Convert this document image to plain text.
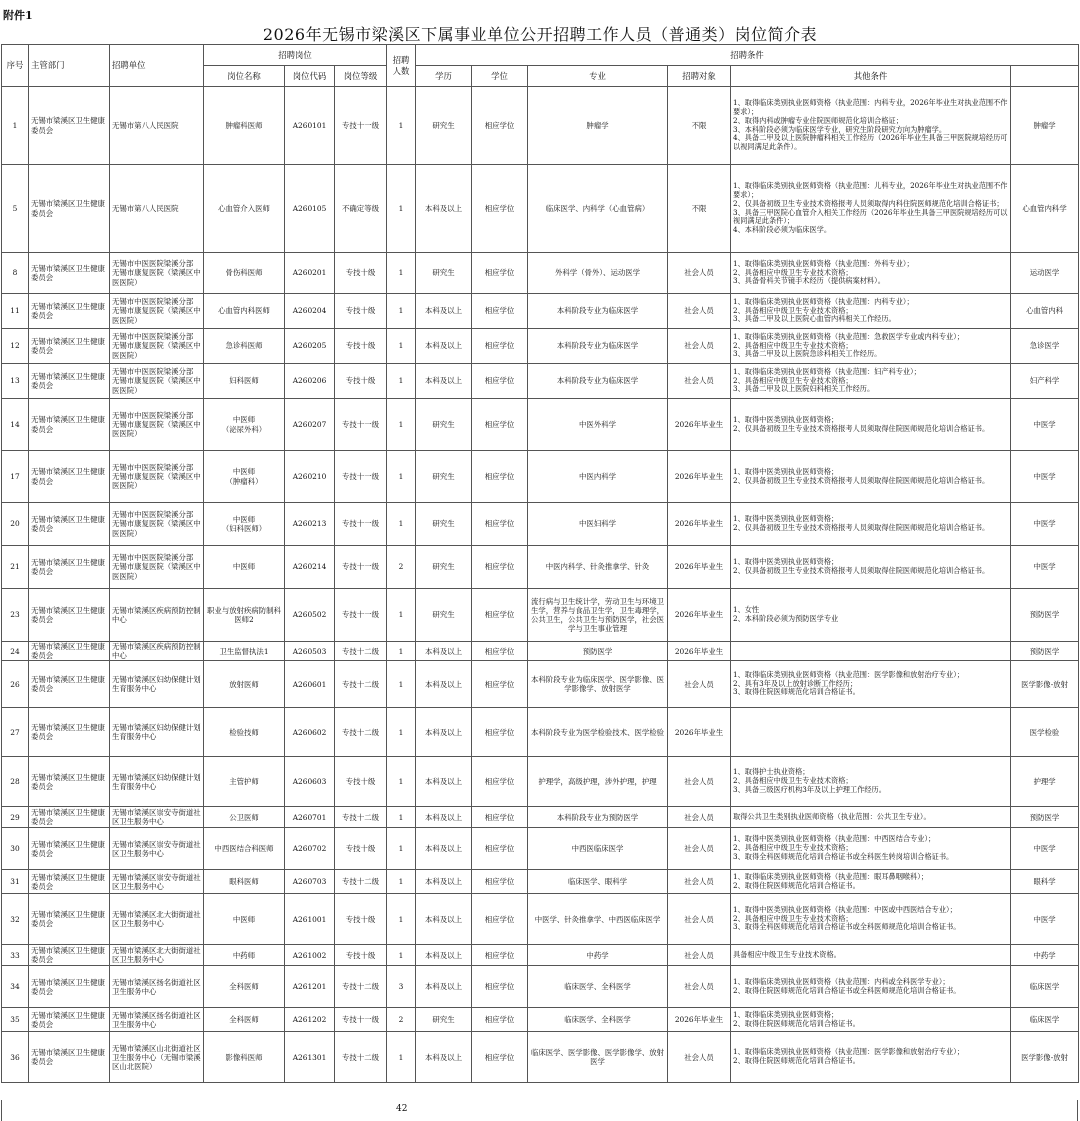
附件1
2026年无锡市梁溪区下属事业单位公开招聘工作人员（普通类）岗位简介表
序号	主管部门	招聘单位	招聘岗位			招聘
人数	招聘条件	
			岗位名称	岗位代码	岗位等级		学历	学位	专业	招聘对象	其他条件		
1	无锡市梁溪区卫生健康委员会	无锡市第八人民医院	肿瘤科医师	A260101	专技十一级	1	研究生	相应学位	肿瘤学	不限	1、取得临床类别执业医师资格（执业范围：内科专业，2026年毕业生对执业范围不作要求）；
2、取得内科或肿瘤专业住院医师规范化培训合格证；
3、本科阶段必须为临床医学专业，研究生阶段研究方向为肿瘤学。
4、具备二甲及以上医院肿瘤科相关工作经历（2026年毕业生具备三甲医院规培经历可以视同满足此条件）。	肿瘤学	
5	无锡市梁溪区卫生健康委员会	无锡市第八人民医院	心血管介入医师	A260105	不确定等级	1	本科及以上	相应学位	临床医学、内科学（心血管病）	不限	1、取得临床类别执业医师资格（执业范围：儿科专业，2026年毕业生对执业范围不作要求）；
2、仅具备初级卫生专业技术资格报考人员须取得内科住院医师规范化培训合格证书；
3、具备三甲医院心血管介入相关工作经历（2026年毕业生具备三甲医院规培经历可以视同满足此条件）；
4、本科阶段必须为临床医学。	心血管内科学	
8	无锡市梁溪区卫生健康委员会	无锡市中医医院梁溪分部 无锡市康复医院（梁溪区中医医院）	骨伤科医师	A260201	专技十级	1	研究生	相应学位	外科学（骨外）、运动医学	社会人员	1、取得临床类别执业医师资格（执业范围：外科专业）；
2、具备相应中级卫生专业技术资格；
3、具备骨科关节镜手术经历（提供病案材料）。	运动医学	
11	无锡市梁溪区卫生健康委员会	无锡市中医医院梁溪分部 无锡市康复医院（梁溪区中医医院）	心血管内科医师	A260204	专技十级	1	本科及以上	相应学位	本科阶段专业为临床医学	社会人员	1、取得临床类别执业医师资格（执业范围：内科专业）；
2、具备相应中级卫生专业技术资格；
3、具备二甲及以上医院心血管内科相关工作经历。	心血管内科	
12	无锡市梁溪区卫生健康委员会	无锡市中医医院梁溪分部 无锡市康复医院（梁溪区中医医院）	急诊科医师	A260205	专技十级	1	本科及以上	相应学位	本科阶段专业为临床医学	社会人员	1、取得临床类别执业医师资格（执业范围：急救医学专业或内科专业）；
2、具备相应中级卫生专业技术资格；
3、具备二甲及以上医院急诊科相关工作经历。	急诊医学	
13	无锡市梁溪区卫生健康委员会	无锡市中医医院梁溪分部 无锡市康复医院（梁溪区中医医院）	妇科医师	A260206	专技十级	1	本科及以上	相应学位	本科阶段专业为临床医学	社会人员	1、取得临床类别执业医师资格（执业范围：妇产科专业）；
2、具备相应中级卫生专业技术资格；
3、具备二甲及以上医院妇科相关工作经历。	妇产科学	
14	无锡市梁溪区卫生健康委员会	无锡市中医医院梁溪分部 无锡市康复医院（梁溪区中医医院）	中医师
（泌尿外科）	A260207	专技十一级	1	研究生	相应学位	中医外科学	2026年毕业生	1、取得中医类别执业医师资格；
2、仅具备初级卫生专业技术资格报考人员须取得住院医师规范化培训合格证书。	中医学	
17	无锡市梁溪区卫生健康委员会	无锡市中医医院梁溪分部 无锡市康复医院（梁溪区中医医院）	中医师
（肿瘤科）	A260210	专技十一级	1	研究生	相应学位	中医内科学	2026年毕业生	1、取得中医类别执业医师资格；
2、仅具备初级卫生专业技术资格报考人员须取得住院医师规范化培训合格证书。	中医学	
20	无锡市梁溪区卫生健康委员会	无锡市中医医院梁溪分部 无锡市康复医院（梁溪区中医医院）	中医师
（妇科医师）	A260213	专技十一级	1	研究生	相应学位	中医妇科学	2026年毕业生	1、取得中医类别执业医师资格；
2、仅具备初级卫生专业技术资格报考人员须取得住院医师规范化培训合格证书。	中医学	
21	无锡市梁溪区卫生健康委员会	无锡市中医医院梁溪分部 无锡市康复医院（梁溪区中医医院）	中医师	A260214	专技十一级	2	研究生	相应学位	中医内科学、针灸推拿学、针灸	2026年毕业生	1、取得中医类别执业医师资格；
2、仅具备初级卫生专业技术资格报考人员须取得住院医师规范化培训合格证书。	中医学	
23	无锡市梁溪区卫生健康委员会	无锡市梁溪区疾病预防控制中心	职业与放射疾病防制科医师2	A260502	专技十一级	1	研究生	相应学位	流行病与卫生统计学，劳动卫生与环境卫生学，营养与食品卫生学，卫生毒理学，公共卫生，公共卫生与预防医学，社会医学与卫生事业管理	2026年毕业生	1、女性
2、本科阶段必须为预防医学专业	预防医学	
24	无锡市梁溪区卫生健康委员会	无锡市梁溪区疾病预防控制中心	卫生监督执法1	A260503	专技十二级	1	本科及以上	相应学位	预防医学	2026年毕业生		预防医学	
26	无锡市梁溪区卫生健康委员会	无锡市梁溪区妇幼保健计划生育服务中心	放射医师	A260601	专技十二级	1	本科及以上	相应学位	本科阶段专业为临床医学、医学影像、医学影像学、放射医学	社会人员	1、取得临床类别执业医师资格（执业范围：医学影像和放射治疗专业）；
2、具有3年及以上放射诊断工作经历；
3、取得住院医师规范化培训合格证书。	医学影像-放射	
27	无锡市梁溪区卫生健康委员会	无锡市梁溪区妇幼保健计划生育服务中心	检验技师	A260602	专技十二级	1	本科及以上	相应学位	本科阶段专业为医学检验技术、医学检验	2026年毕业生		医学检验	
28	无锡市梁溪区卫生健康委员会	无锡市梁溪区妇幼保健计划生育服务中心	主管护师	A260603	专技十级	1	本科及以上	相应学位	护理学，高级护理，涉外护理，护理	社会人员	1、取得护士执业资格；
2、具备相应中级卫生专业技术资格；
3、具备三级医疗机构3年及以上护理工作经历。	护理学	
29	无锡市梁溪区卫生健康委员会	无锡市梁溪区崇安寺街道社区卫生服务中心	公卫医师	A260701	专技十二级	1	本科及以上	相应学位	本科阶段专业为预防医学	社会人员	取得公共卫生类别执业医师资格（执业范围：公共卫生专业）。	预防医学	
30	无锡市梁溪区卫生健康委员会	无锡市梁溪区崇安寺街道社区卫生服务中心	中西医结合科医师	A260702	专技十级	1	本科及以上	相应学位	中西医临床医学	社会人员	1、取得中医类别执业医师资格（执业范围：中西医结合专业）；
2、具备相应中级卫生专业技术资格；
3、取得全科医师规范化培训合格证书或全科医生转岗培训合格证书。	中医学	
31	无锡市梁溪区卫生健康委员会	无锡市梁溪区崇安寺街道社区卫生服务中心	眼科医师	A260703	专技十二级	1	本科及以上	相应学位	临床医学、眼科学	社会人员	1、取得临床类别执业医师资格（执业范围：眼耳鼻咽喉科）；
2、取得住院医师规范化培训合格证书。	眼科学	
32	无锡市梁溪区卫生健康委员会	无锡市梁溪区北大街街道社区卫生服务中心	中医师	A261001	专技十级	1	本科及以上	相应学位	中医学、针灸推拿学、中西医临床医学	社会人员	1、取得中医类别执业医师资格（执业范围：中医或中西医结合专业）；
2、具备相应中级卫生专业技术资格；
3、取得全科医师规范化培训合格证书或全科医师规范化培训合格证书。	中医学	
33	无锡市梁溪区卫生健康委员会	无锡市梁溪区北大街街道社区卫生服务中心	中药师	A261002	专技十级	1	本科及以上	相应学位	中药学	社会人员	具备相应中级卫生专业技术资格。	中药学	
34	无锡市梁溪区卫生健康委员会	无锡市梁溪区扬名街道社区卫生服务中心	全科医师	A261201	专技十二级	3	本科及以上	相应学位	临床医学、全科医学	社会人员	1、取得临床类别执业医师资格（执业范围：内科或全科医学专业）；
2、取得住院医师规范化培训合格证书或全科医师规范化培训合格证书。	临床医学	
35	无锡市梁溪区卫生健康委员会	无锡市梁溪区扬名街道社区卫生服务中心	全科医师	A261202	专技十一级	2	研究生	相应学位	临床医学、全科医学	2026年毕业生	1、取得临床类别执业医师资格；
2、取得住院医师规范化培训合格证书。	临床医学	
36	无锡市梁溪区卫生健康委员会	无锡市梁溪区山北街道社区卫生服务中心（无锡市梁溪区山北医院）	影像科医师	A261301	专技十二级	1	本科及以上	相应学位	临床医学、医学影像、医学影像学、放射医学	社会人员	1、取得临床类别执业医师资格（执业范围：医学影像和放射治疗专业）；
2、取得住院医师规范化培训合格证书。	医学影像-放射	
42
